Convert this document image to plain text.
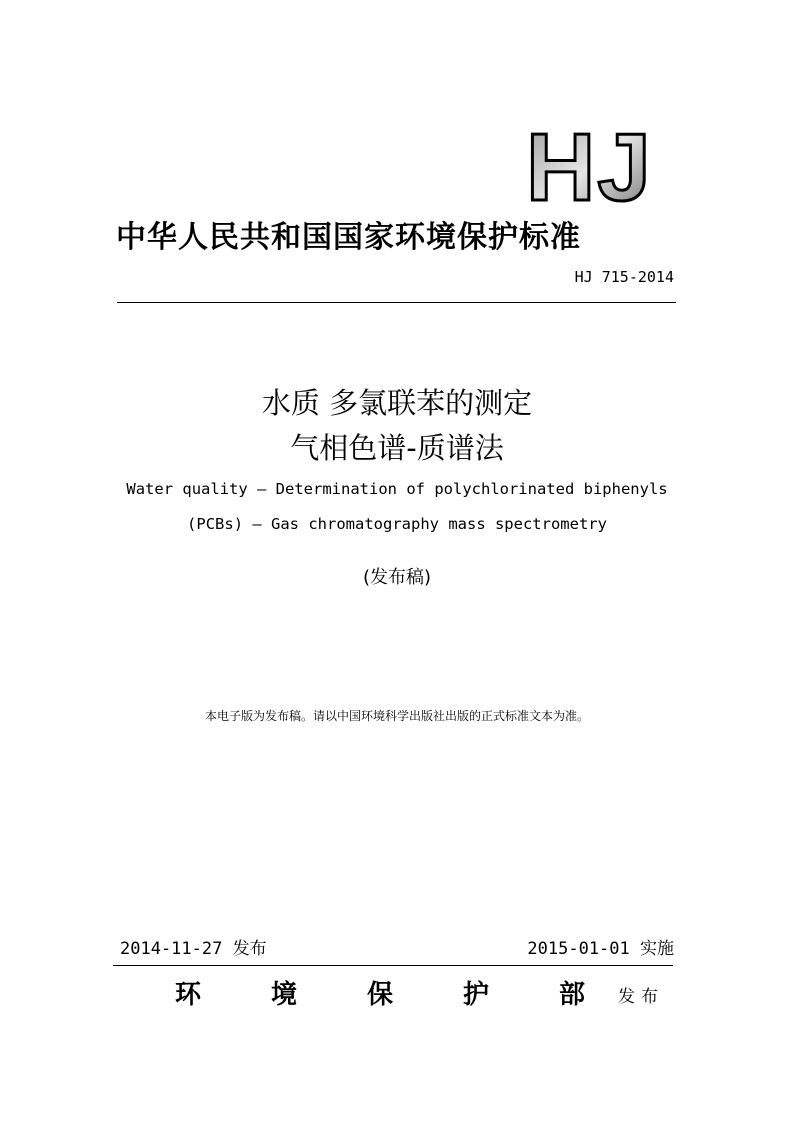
HJ
中华人民共和国国家环境保护标准
HJ 715-2014
水质 多氯联苯的测定
气相色谱-质谱法
Water quality — Determination of polychlorinated biphenyls
(PCBs) — Gas chromatography mass spectrometry
(发布稿)
本电子版为发布稿。请以中国环境科学出版社出版的正式标准文本为准。
2014-11-27 发布	2015-01-01 实施
环	境	保	护	部 发布
